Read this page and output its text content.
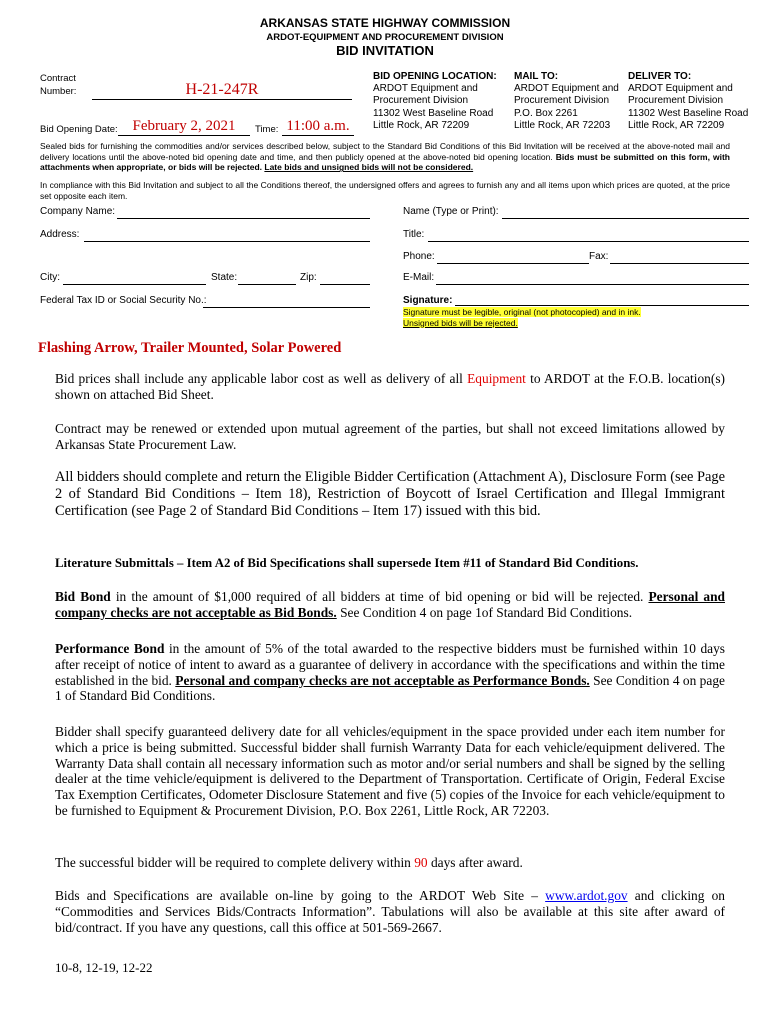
ARKANSAS STATE HIGHWAY COMMISSION
ARDOT-EQUIPMENT AND PROCUREMENT DIVISION
BID INVITATION
Contract
Number:	H-21-247R
Bid Opening Date: February 2, 2021	Time: 11:00 a.m.
BID OPENING LOCATION:
ARDOT Equipment and
Procurement Division
11302 West Baseline Road
Little Rock, AR 72209
MAIL TO:
ARDOT Equipment and
Procurement Division
P.O. Box 2261
Little Rock, AR 72203
DELIVER TO:
ARDOT Equipment and
Procurement Division
11302 West Baseline Road
Little Rock, AR 72209
Sealed bids for furnishing the commodities and/or services described below, subject to the Standard Bid Conditions of this Bid Invitation will be received at the above-noted mail and delivery locations until the above-noted bid opening date and time, and then publicly opened at the above-noted bid opening location. Bids must be submitted on this form, with attachments when appropriate, or bids will be rejected. Late bids and unsigned bids will not be considered.
In compliance with this Bid Invitation and subject to all the Conditions thereof, the undersigned offers and agrees to furnish any and all items upon which prices are quoted, at the price set opposite each item.
Company Name:
Address:
City:	State:	Zip:
Federal Tax ID or Social Security No.:
Name (Type or Print):
Title:
Phone:	Fax:
E-Mail:
Signature:
Signature must be legible, original (not photocopied) and in ink.
Unsigned bids will be rejected.
Flashing Arrow, Trailer Mounted, Solar Powered
Bid prices shall include any applicable labor cost as well as delivery of all Equipment to ARDOT at the F.O.B. location(s) shown on attached Bid Sheet.
Contract may be renewed or extended upon mutual agreement of the parties, but shall not exceed limitations allowed by Arkansas State Procurement Law.
All bidders should complete and return the Eligible Bidder Certification (Attachment A), Disclosure Form (see Page 2 of Standard Bid Conditions – Item 18), Restriction of Boycott of Israel Certification and Illegal Immigrant Certification (see Page 2 of Standard Bid Conditions – Item 17) issued with this bid.
Literature Submittals – Item A2 of Bid Specifications shall supersede Item #11 of Standard Bid Conditions.
Bid Bond in the amount of $1,000 required of all bidders at time of bid opening or bid will be rejected. Personal and company checks are not acceptable as Bid Bonds. See Condition 4 on page 1of Standard Bid Conditions.
Performance Bond in the amount of 5% of the total awarded to the respective bidders must be furnished within 10 days after receipt of notice of intent to award as a guarantee of delivery in accordance with the specifications and within the time established in the bid. Personal and company checks are not acceptable as Performance Bonds. See Condition 4 on page 1 of Standard Bid Conditions.
Bidder shall specify guaranteed delivery date for all vehicles/equipment in the space provided under each item number for which a price is being submitted. Successful bidder shall furnish Warranty Data for each vehicle/equipment delivered. The Warranty Data shall contain all necessary information such as motor and/or serial numbers and shall be signed by the selling dealer at the time vehicle/equipment is delivered to the Department of Transportation. Certificate of Origin, Federal Excise Tax Exemption Certificates, Odometer Disclosure Statement and five (5) copies of the Invoice for each vehicle/equipment to be furnished to Equipment & Procurement Division, P.O. Box 2261, Little Rock, AR 72203.
The successful bidder will be required to complete delivery within 90 days after award.
Bids and Specifications are available on-line by going to the ARDOT Web Site – www.ardot.gov and clicking on “Commodities and Services Bids/Contracts Information”. Tabulations will also be available at this site after award of bid/contract. If you have any questions, call this office at 501-569-2667.
10-8, 12-19, 12-22
